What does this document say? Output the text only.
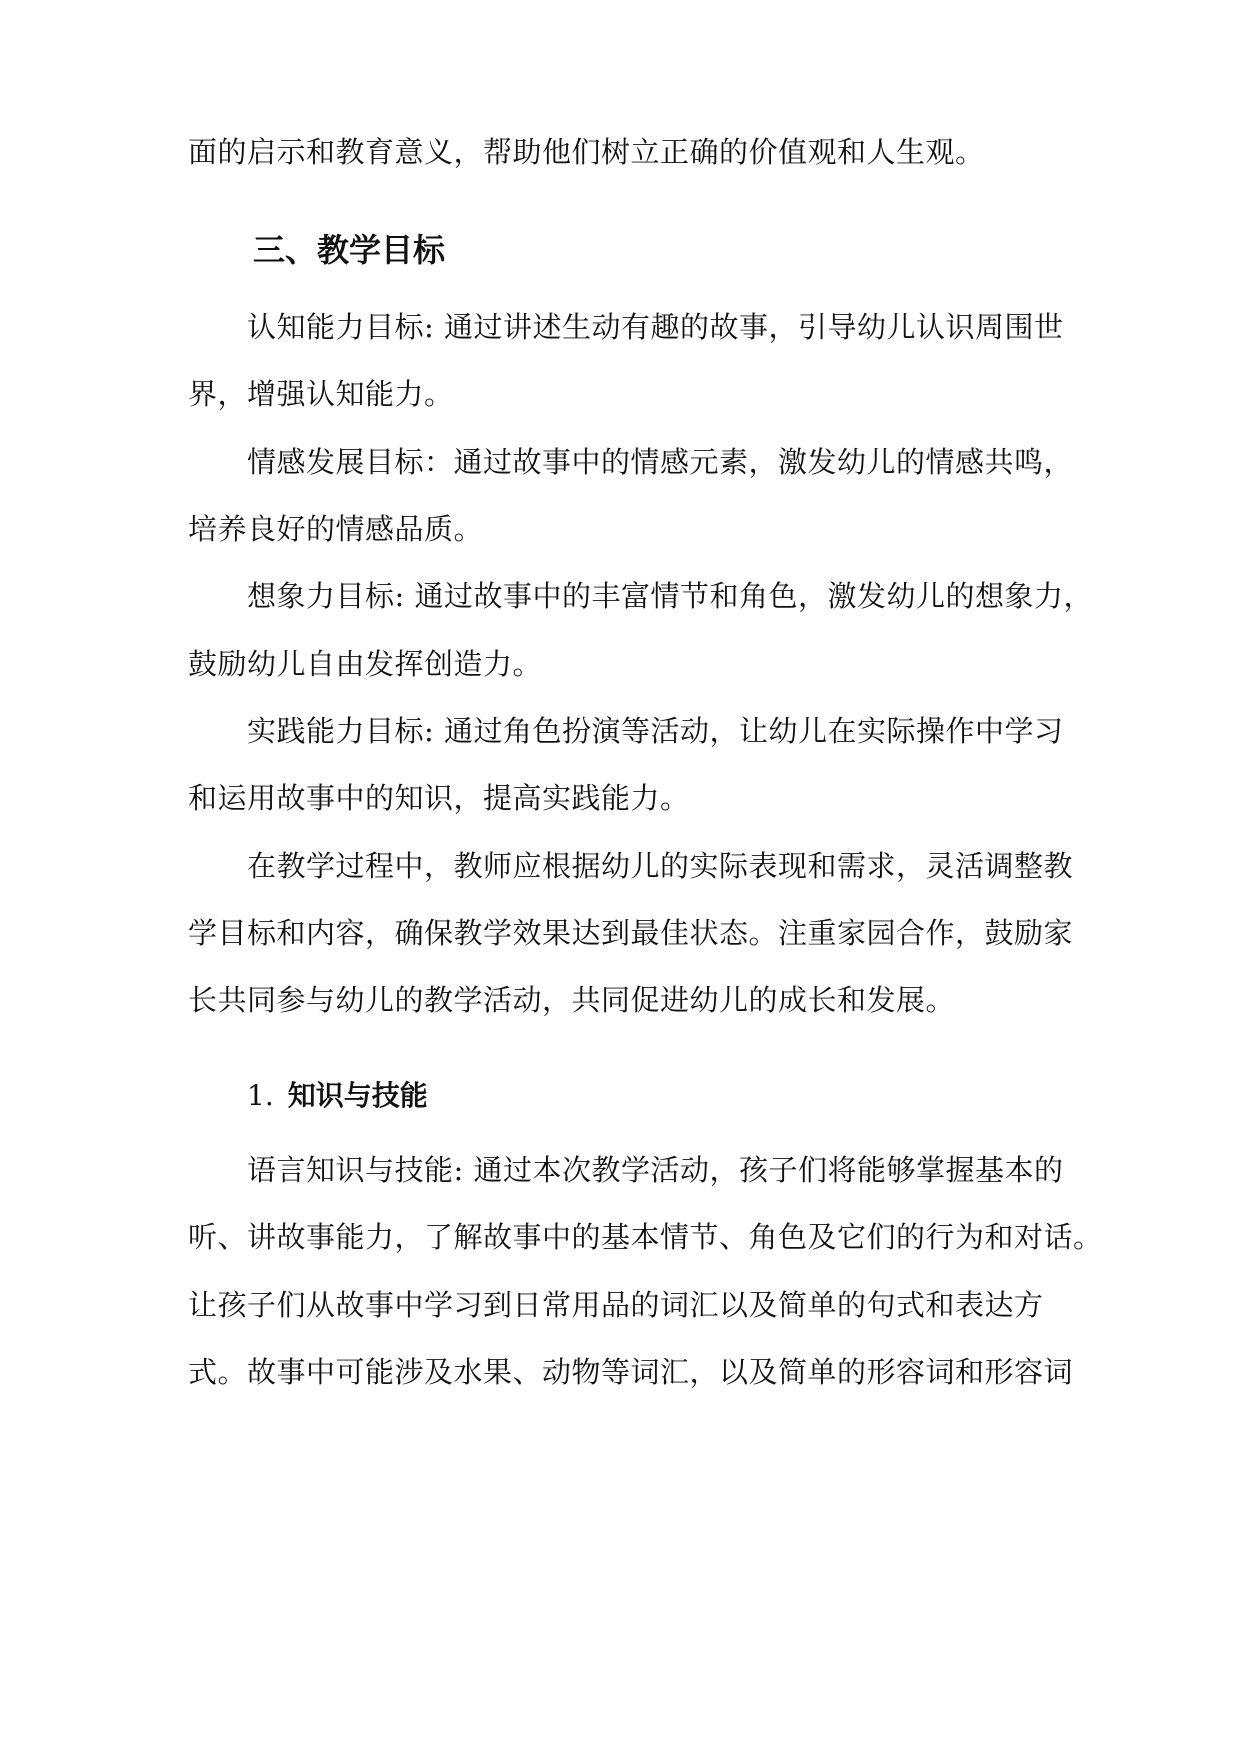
面的启示和教育意义，帮助他们树立正确的价值观和人生观。
三、教学目标
认知能力目标: 通过讲述生动有趣的故事，引导幼儿认识周围世
界，增强认知能力。
情感发展目标：通过故事中的情感元素，激发幼儿的情感共鸣，
培养良好的情感品质。
想象力目标: 通过故事中的丰富情节和角色，激发幼儿的想象力，
鼓励幼儿自由发挥创造力。
实践能力目标: 通过角色扮演等活动，让幼儿在实际操作中学习
和运用故事中的知识，提高实践能力。
在教学过程中，教师应根据幼儿的实际表现和需求，灵活调整教
学目标和内容，确保教学效果达到最佳状态。注重家园合作，鼓励家
长共同参与幼儿的教学活动，共同促进幼儿的成长和发展。
1. 知识与技能
语言知识与技能: 通过本次教学活动，孩子们将能够掌握基本的
听、讲故事能力，了解故事中的基本情节、角色及它们的行为和对话。
让孩子们从故事中学习到日常用品的词汇以及简单的句式和表达方
式。故事中可能涉及水果、动物等词汇，以及简单的形容词和形容词
